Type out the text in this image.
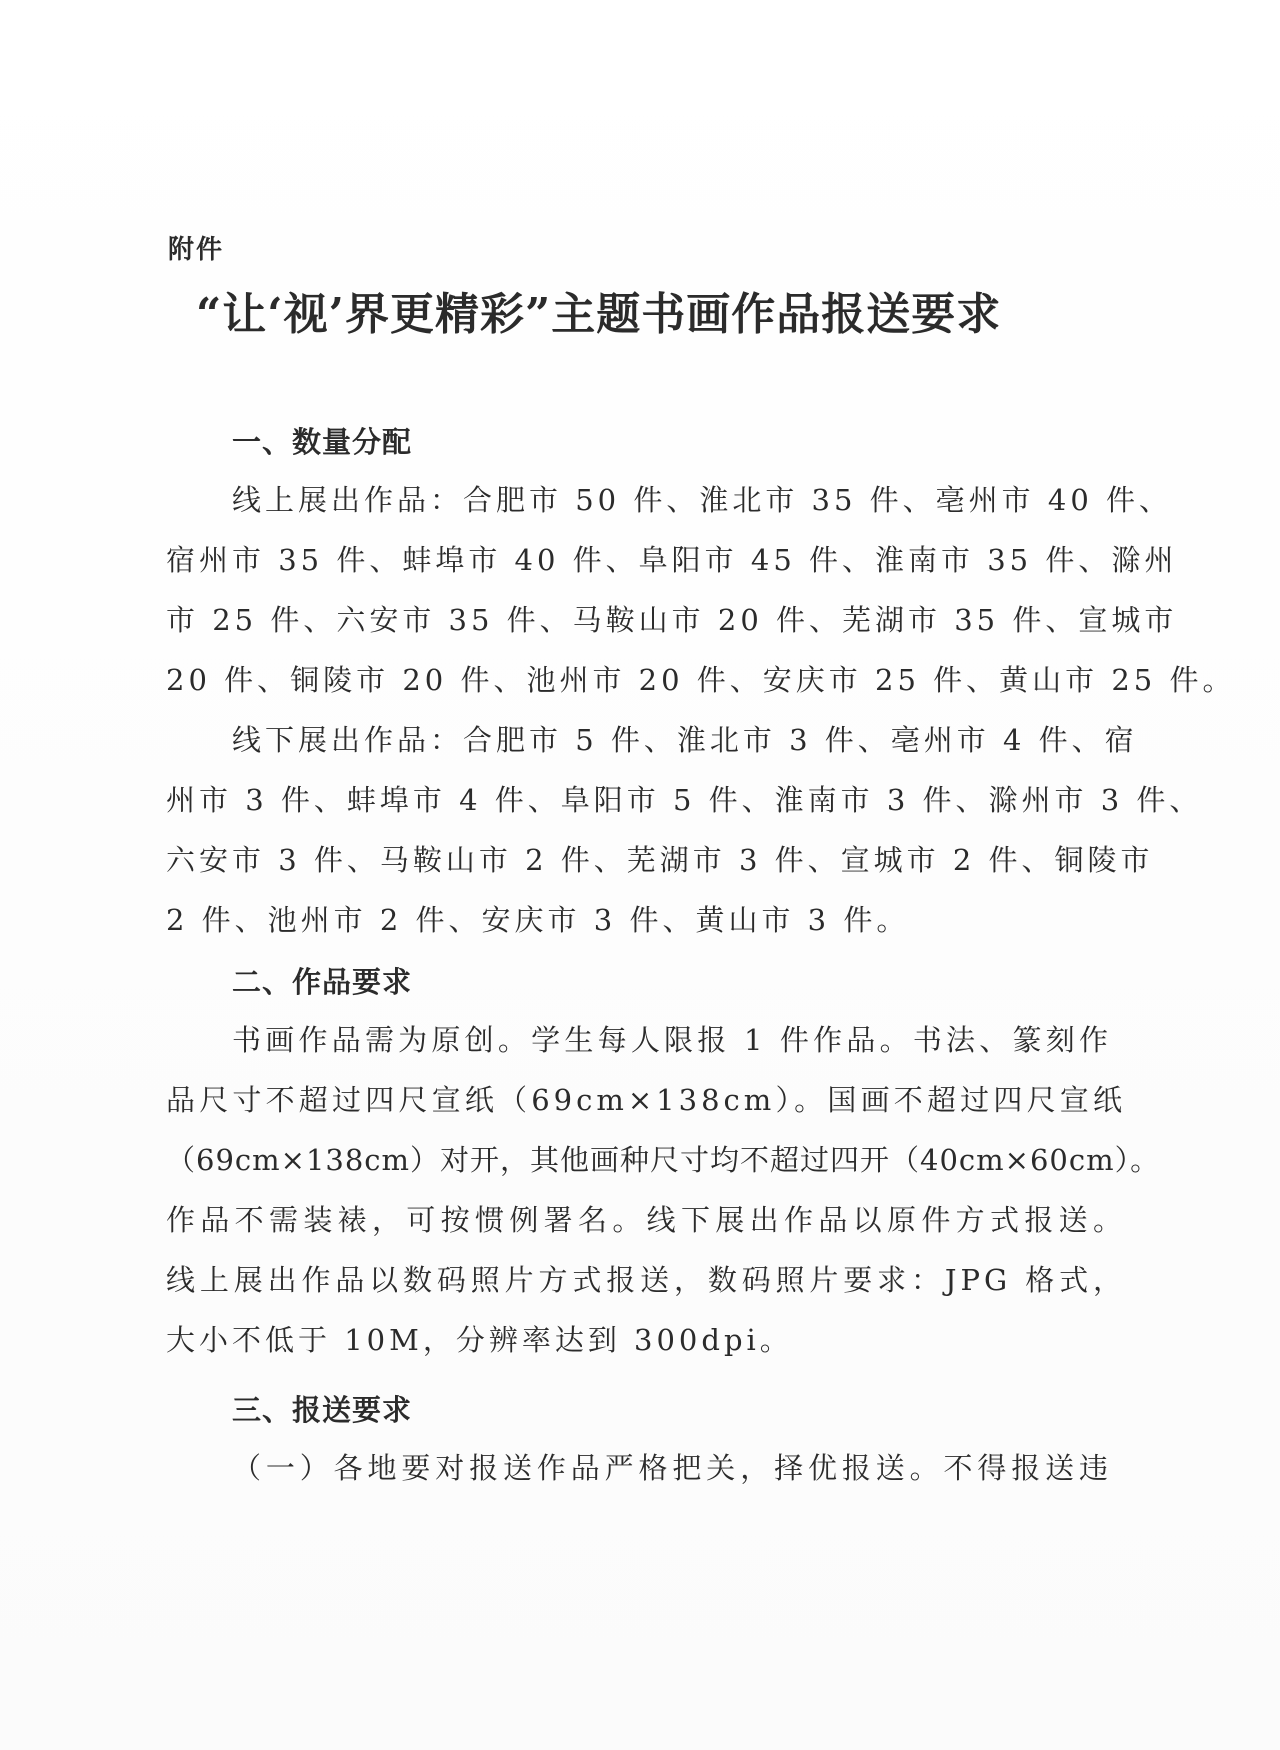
附件
“让‘视’界更精彩”主题书画作品报送要求
一、数量分配
线上展出作品：合肥市 50 件、淮北市 35 件、亳州市 40 件、
宿州市 35 件、蚌埠市 40 件、阜阳市 45 件、淮南市 35 件、滁州
市 25 件、六安市 35 件、马鞍山市 20 件、芜湖市 35 件、宣城市
20 件、铜陵市 20 件、池州市 20 件、安庆市 25 件、黄山市 25 件。
线下展出作品：合肥市 5 件、淮北市 3 件、亳州市 4 件、宿
州市 3 件、蚌埠市 4 件、阜阳市 5 件、淮南市 3 件、滁州市 3 件、
六安市 3 件、马鞍山市 2 件、芜湖市 3 件、宣城市 2 件、铜陵市
2 件、池州市 2 件、安庆市 3 件、黄山市 3 件。
二、作品要求
书画作品需为原创。学生每人限报 1 件作品。书法、篆刻作
品尺寸不超过四尺宣纸（69cm×138cm）。国画不超过四尺宣纸
（69cm×138cm）对开，其他画种尺寸均不超过四开（40cm×60cm）。
作品不需装裱，可按惯例署名。线下展出作品以原件方式报送。
线上展出作品以数码照片方式报送，数码照片要求：JPG 格式，
大小不低于 10M，分辨率达到 300dpi。
三、报送要求
（一）各地要对报送作品严格把关，择优报送。不得报送违
